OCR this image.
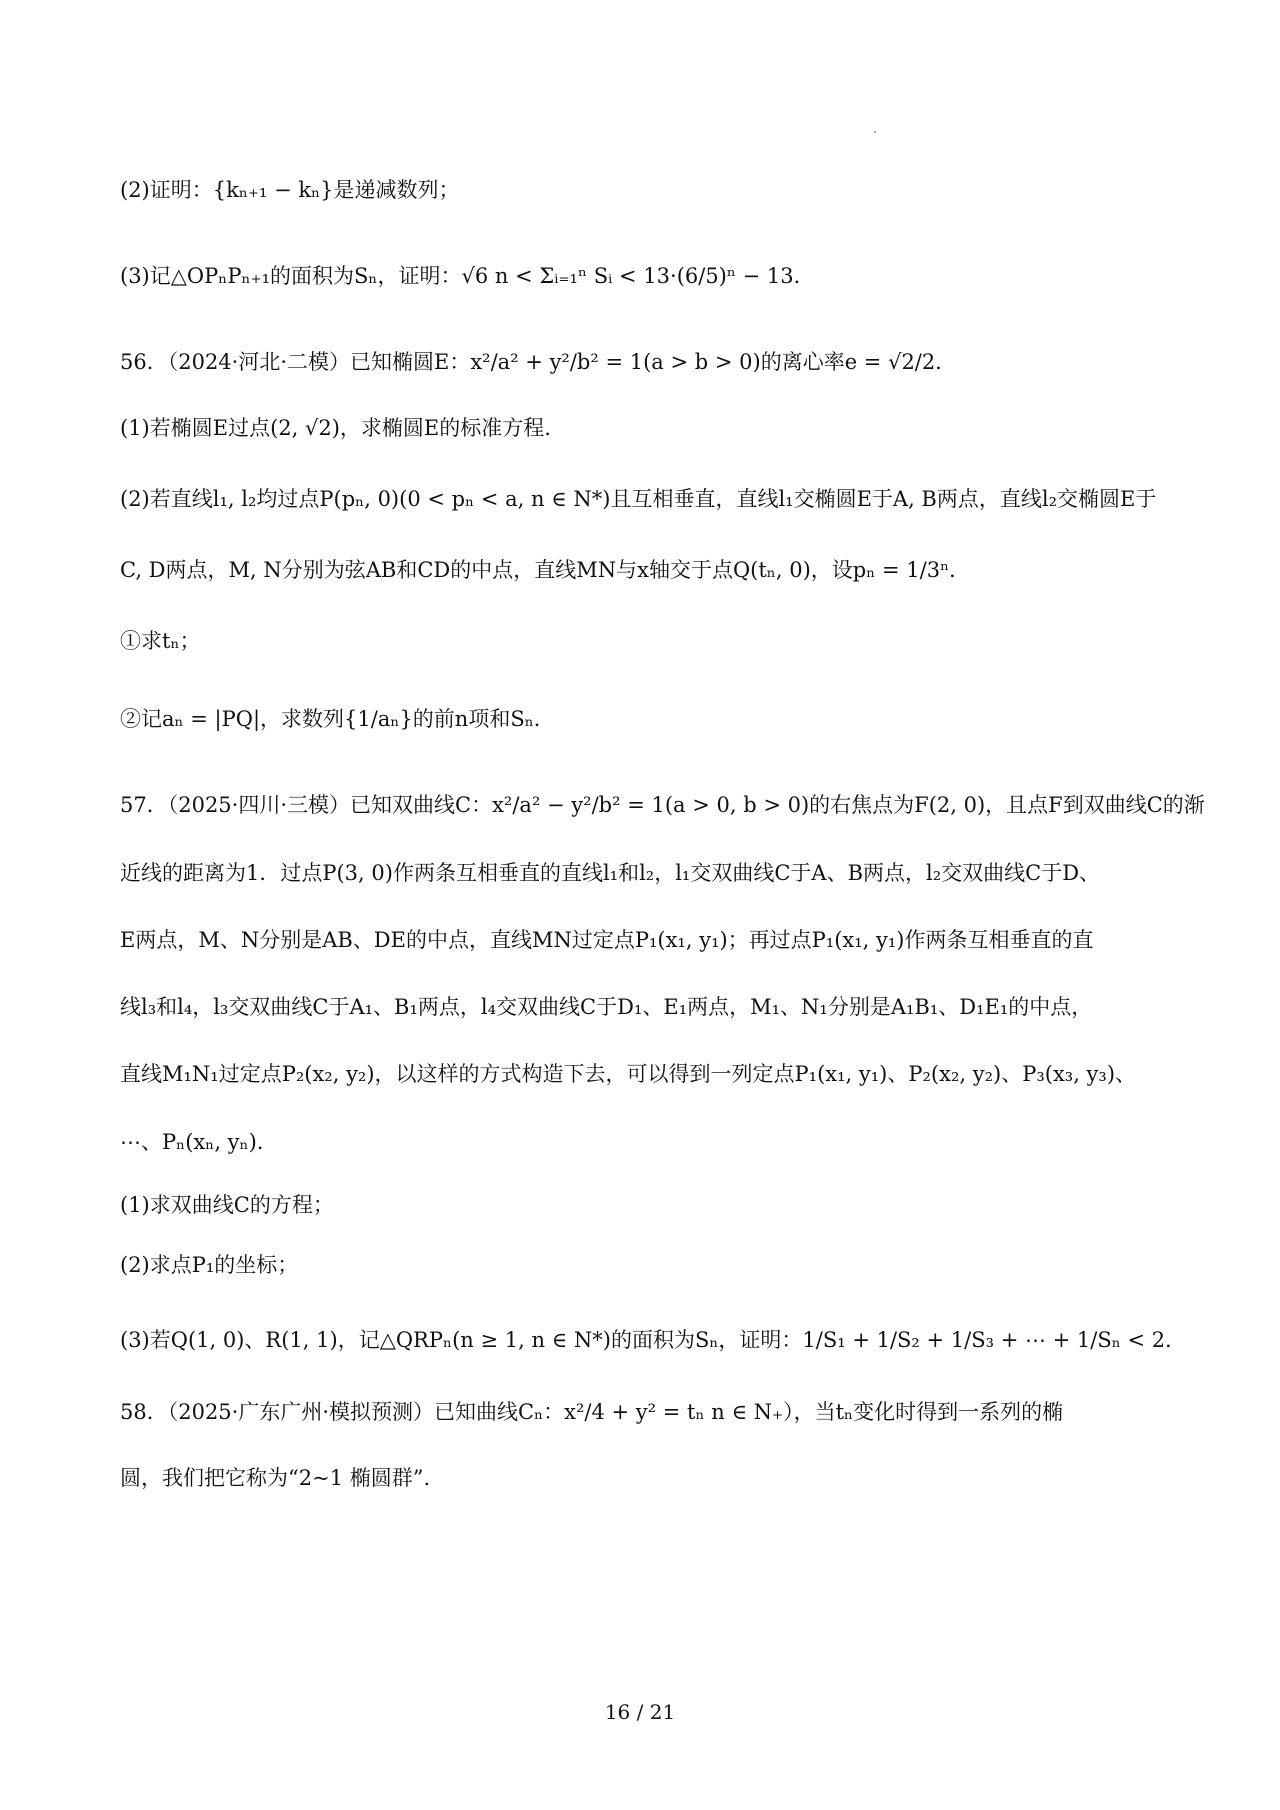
(2)证明：{kₙ₊₁ − kₙ}是递减数列；
(3)记△OPₙPₙ₊₁的面积为Sₙ，证明：√6 n < Σᵢ₌₁ⁿ Sᵢ < 13·(6/5)ⁿ − 13．
56．（2024·河北·二模）已知椭圆E：x²/a² + y²/b² = 1(a > b > 0)的离心率e = √2/2．
(1)若椭圆E过点(2, √2)，求椭圆E的标准方程.
(2)若直线l₁, l₂均过点P(pₙ, 0)(0 < pₙ < a, n ∈ N*)且互相垂直，直线l₁交椭圆E于A, B两点，直线l₂交椭圆E于
C, D两点，M, N分别为弦AB和CD的中点，直线MN与x轴交于点Q(tₙ, 0)，设pₙ = 1/3ⁿ．
①求tₙ；
②记aₙ = |PQ|，求数列{1/aₙ}的前n项和Sₙ．
57．（2025·四川·三模）已知双曲线C：x²/a² − y²/b² = 1(a > 0, b > 0)的右焦点为F(2, 0)，且点F到双曲线C的渐
近线的距离为1．过点P(3, 0)作两条互相垂直的直线l₁和l₂，l₁交双曲线C于A、B两点，l₂交双曲线C于D、
E两点，M、N分别是AB、DE的中点，直线MN过定点P₁(x₁, y₁)；再过点P₁(x₁, y₁)作两条互相垂直的直
线l₃和l₄，l₃交双曲线C于A₁、B₁两点，l₄交双曲线C于D₁、E₁两点，M₁、N₁分别是A₁B₁、D₁E₁的中点，
直线M₁N₁过定点P₂(x₂, y₂)，以这样的方式构造下去，可以得到一列定点P₁(x₁, y₁)、P₂(x₂, y₂)、P₃(x₃, y₃)、
⋯、Pₙ(xₙ, yₙ)．
(1)求双曲线C的方程；
(2)求点P₁的坐标；
(3)若Q(1, 0)、R(1, 1)，记△QRPₙ(n ≥ 1, n ∈ N*)的面积为Sₙ，证明：1/S₁ + 1/S₂ + 1/S₃ + ⋯ + 1/Sₙ < 2．
58．（2025·广东广州·模拟预测）已知曲线Cₙ：x²/4 + y² = tₙ n ∈ N₊），当tₙ变化时得到一系列的椭
圆，我们把它称为“2~1 椭圆群”.
16 / 21
